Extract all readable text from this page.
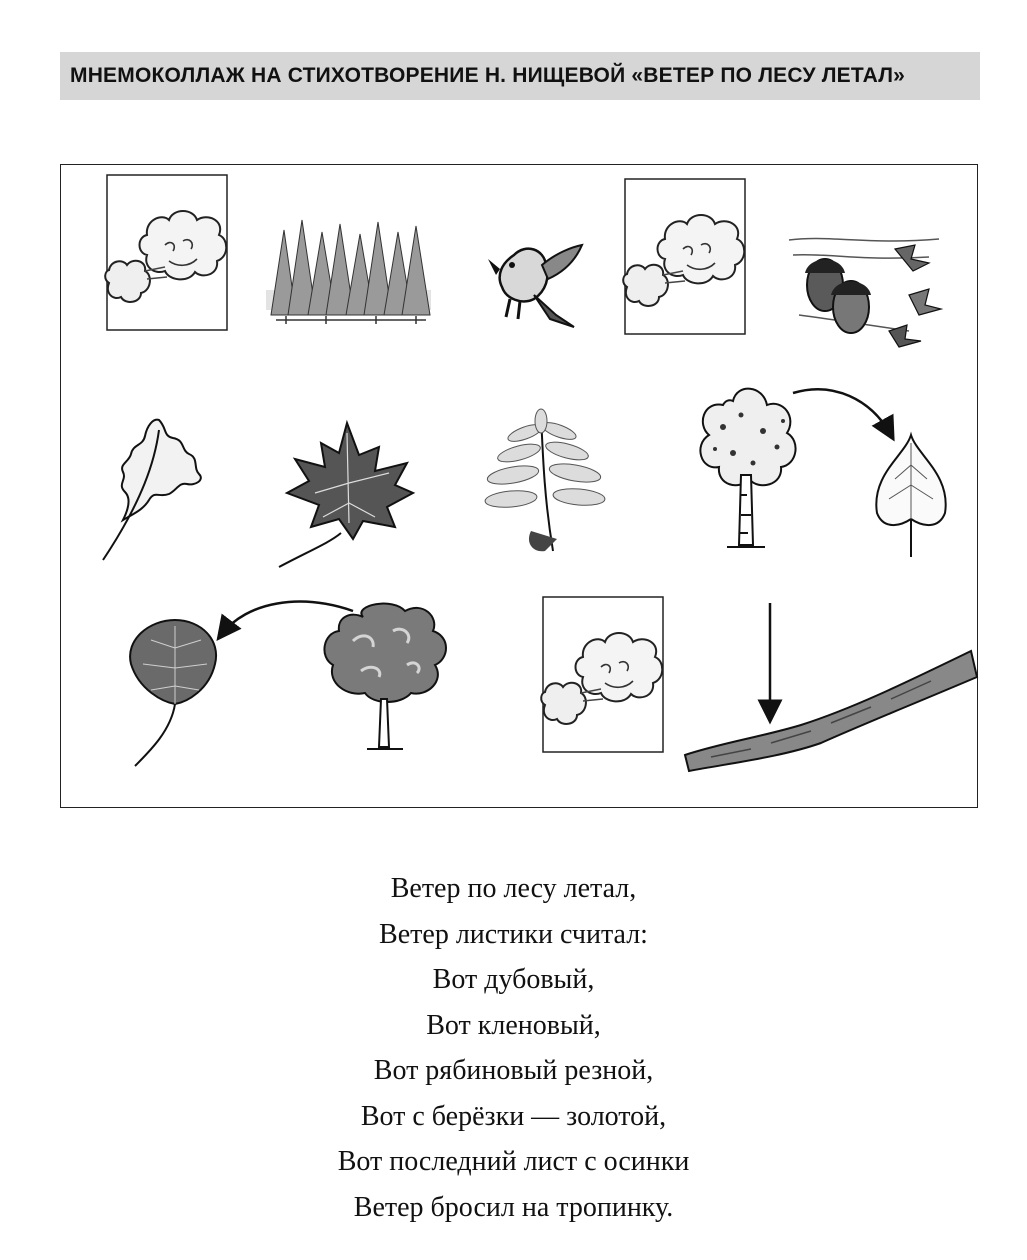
МНЕМОКОЛЛАЖ НА СТИХОТВОРЕНИЕ Н. НИЩЕВОЙ «ВЕТЕР ПО ЛЕСУ ЛЕТАЛ»
Ветер по лесу летал,
Ветер листики считал:
Вот дубовый,
Вот кленовый,
Вот рябиновый резной,
Вот с берёзки — золотой,
Вот последний лист с осинки
Ветер бросил на тропинку.
